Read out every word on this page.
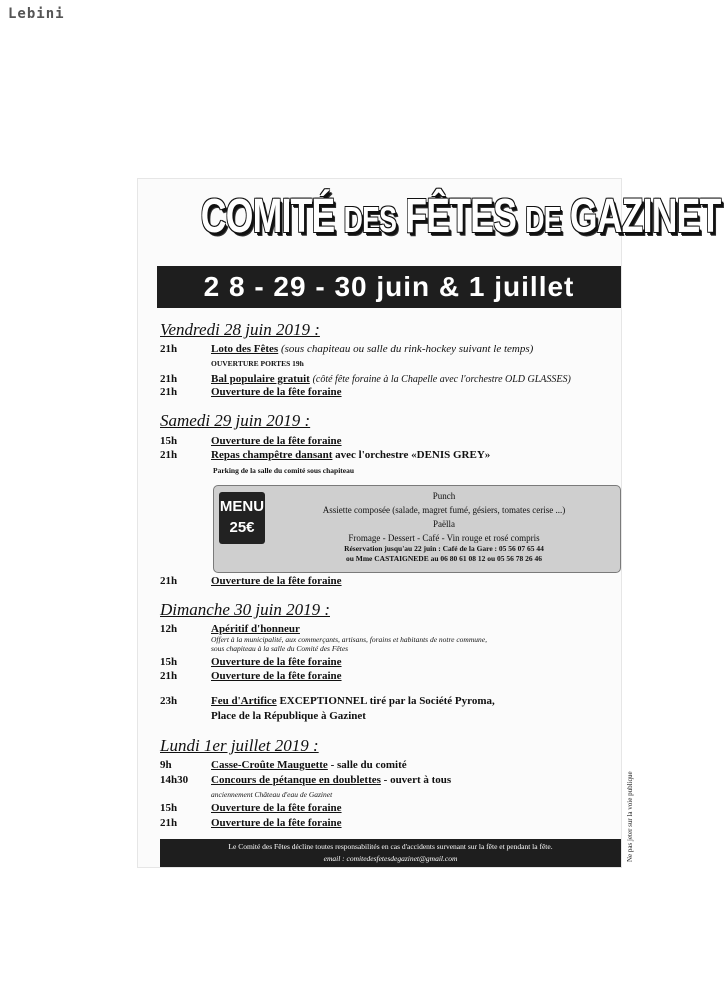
Lebini
COMITÉ DES FÊTES DE GAZINET
2 8 - 29 - 30 juin & 1 juillet
Vendredi 28 juin 2019 :
21h	Loto des Fêtes (sous chapiteau ou salle du rink-hockey suivant le temps)
OUVERTURE PORTES 19h
21h	Bal populaire gratuit (côté fête foraine à la Chapelle avec l'orchestre OLD GLASSES)
21h	Ouverture de la fête foraine
Samedi 29 juin 2019 :
15h	Ouverture de la fête foraine
21h	Repas champêtre dansant avec l'orchestre «DENIS GREY»
Parking de la salle du comité sous chapiteau
MENU
25€
Punch
Assiette composée (salade, magret fumé, gésiers, tomates cerise ...)
Paëlla
Fromage - Dessert - Café - Vin rouge et rosé compris
Réservation jusqu'au 22 juin : Café de la Gare : 05 56 07 65 44
ou Mme CASTAIGNEDE au 06 80 61 08 12 ou 05 56 78 26 46
21h	Ouverture de la fête foraine
Dimanche 30 juin 2019 :
12h	Apéritif d'honneur
Offert à la municipalité, aux commerçants, artisans, forains et habitants de notre commune,
sous chapiteau à la salle du Comité des Fêtes
15h	Ouverture de la fête foraine
21h	Ouverture de la fête foraine
23h	Feu d'Artifice EXCEPTIONNEL tiré par la Société Pyroma,
Place de la République à Gazinet
Lundi 1er juillet 2019 :
9h	Casse-Croûte Mauguette - salle du comité
14h30 Concours de pétanque en doublettes - ouvert à tous
anciennement Château d'eau de Gazinet
15h	Ouverture de la fête foraine
21h	Ouverture de la fête foraine
Le Comité des Fêtes décline toutes responsabilités en cas d'accidents survenant sur la fête et pendant la fête.
email : comitedesfetesdegazinet@gmail.com	Ne pas jeter sur la voie publique
